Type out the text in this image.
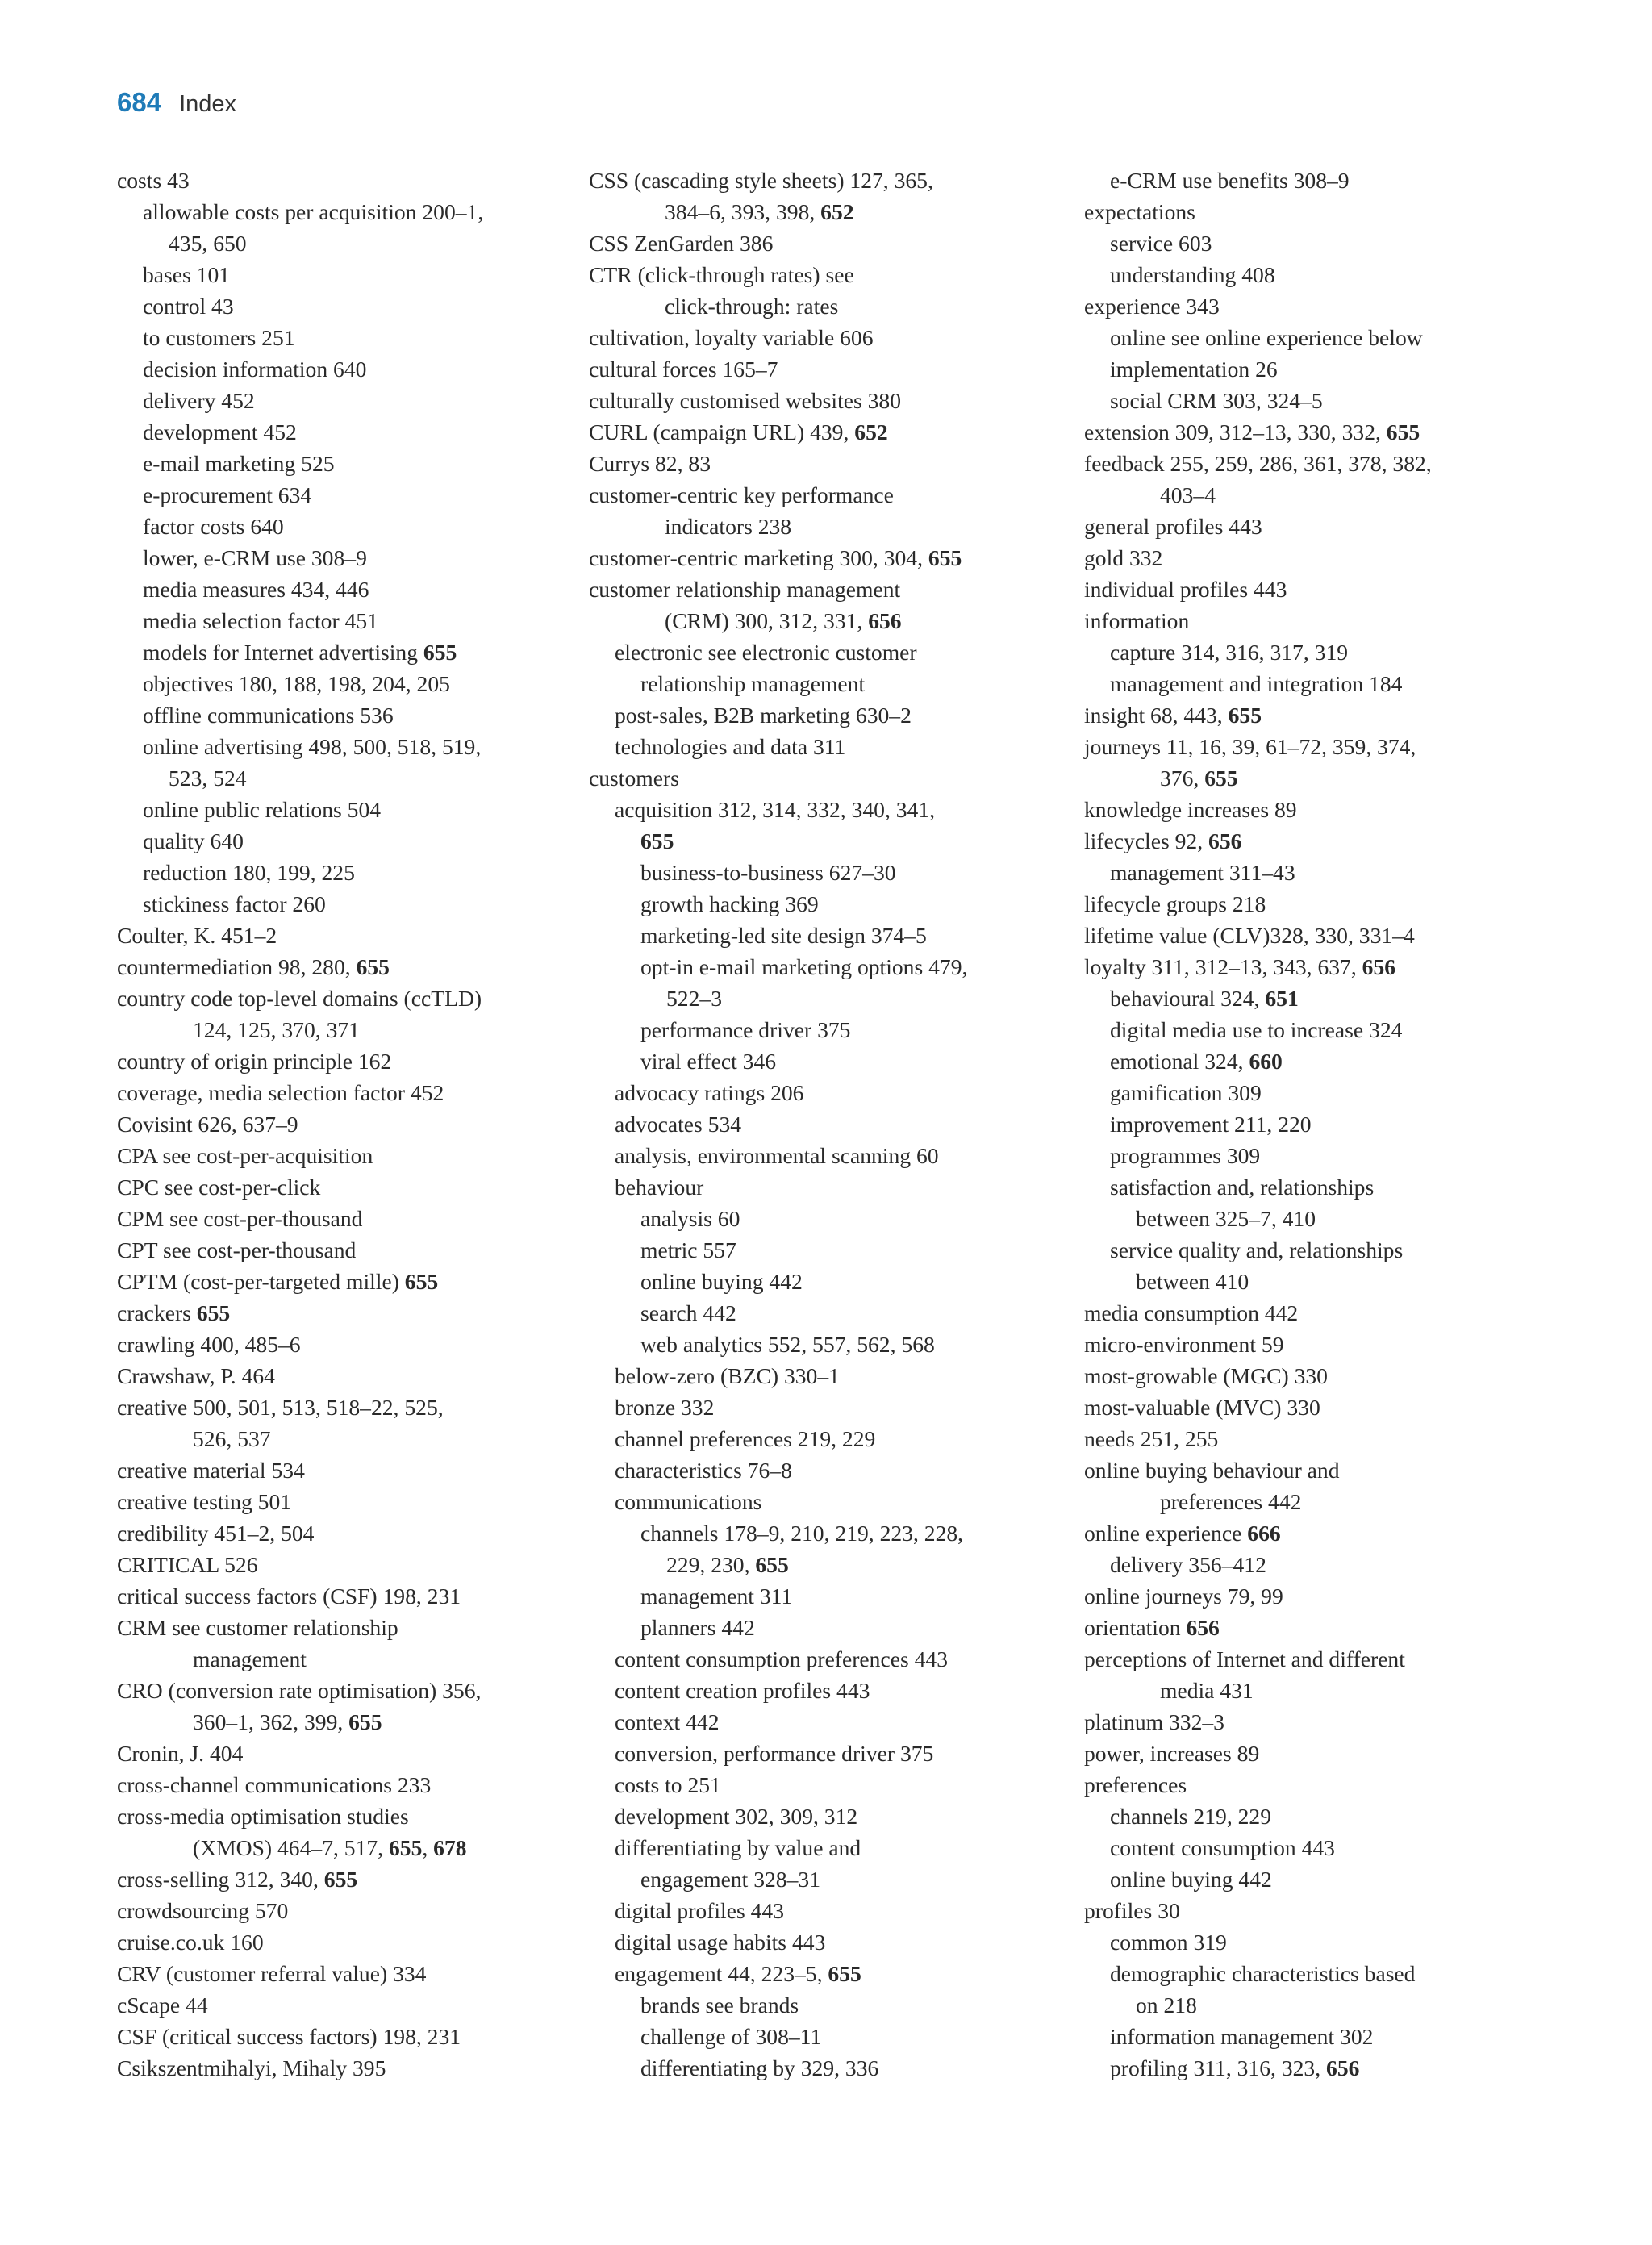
684 Index
costs 43
allowable costs per acquisition 200–1,
435, 650
bases 101
control 43
to customers 251
decision information 640
delivery 452
development 452
e-mail marketing 525
e-procurement 634
factor costs 640
lower, e-CRM use 308–9
media measures 434, 446
media selection factor 451
models for Internet advertising 655
objectives 180, 188, 198, 204, 205
offline communications 536
online advertising 498, 500, 518, 519,
523, 524
online public relations 504
quality 640
reduction 180, 199, 225
stickiness factor 260
Coulter, K. 451–2
countermediation 98, 280, 655
country code top-level domains (ccTLD)
124, 125, 370, 371
country of origin principle 162
coverage, media selection factor 452
Covisint 626, 637–9
CPA see cost-per-acquisition
CPC see cost-per-click
CPM see cost-per-thousand
CPT see cost-per-thousand
CPTM (cost-per-targeted mille) 655
crackers 655
crawling 400, 485–6
Crawshaw, P. 464
creative 500, 501, 513, 518–22, 525,
526, 537
creative material 534
creative testing 501
credibility 451–2, 504
CRITICAL 526
critical success factors (CSF) 198, 231
CRM see customer relationship
management
CRO (conversion rate optimisation) 356,
360–1, 362, 399, 655
Cronin, J. 404
cross-channel communications 233
cross-media optimisation studies
(XMOS) 464–7, 517, 655, 678
cross-selling 312, 340, 655
crowdsourcing 570
cruise.co.uk 160
CRV (customer referral value) 334
cScape 44
CSF (critical success factors) 198, 231
Csikszentmihalyi, Mihaly 395
CSS (cascading style sheets) 127, 365,
384–6, 393, 398, 652
CSS ZenGarden 386
CTR (click-through rates) see
click-through: rates
cultivation, loyalty variable 606
cultural forces 165–7
culturally customised websites 380
CURL (campaign URL) 439, 652
Currys 82, 83
customer-centric key performance
indicators 238
customer-centric marketing 300, 304, 655
customer relationship management
(CRM) 300, 312, 331, 656
electronic see electronic customer
relationship management
post-sales, B2B marketing 630–2
technologies and data 311
customers
acquisition 312, 314, 332, 340, 341,
655
business-to-business 627–30
growth hacking 369
marketing-led site design 374–5
opt-in e-mail marketing options 479,
522–3
performance driver 375
viral effect 346
advocacy ratings 206
advocates 534
analysis, environmental scanning 60
behaviour
analysis 60
metric 557
online buying 442
search 442
web analytics 552, 557, 562, 568
below-zero (BZC) 330–1
bronze 332
channel preferences 219, 229
characteristics 76–8
communications
channels 178–9, 210, 219, 223, 228,
229, 230, 655
management 311
planners 442
content consumption preferences 443
content creation profiles 443
context 442
conversion, performance driver 375
costs to 251
development 302, 309, 312
differentiating by value and
engagement 328–31
digital profiles 443
digital usage habits 443
engagement 44, 223–5, 655
brands see brands
challenge of 308–11
differentiating by 329, 336
e-CRM use benefits 308–9
expectations
service 603
understanding 408
experience 343
online see online experience below
implementation 26
social CRM 303, 324–5
extension 309, 312–13, 330, 332, 655
feedback 255, 259, 286, 361, 378, 382,
403–4
general profiles 443
gold 332
individual profiles 443
information
capture 314, 316, 317, 319
management and integration 184
insight 68, 443, 655
journeys 11, 16, 39, 61–72, 359, 374,
376, 655
knowledge increases 89
lifecycles 92, 656
management 311–43
lifecycle groups 218
lifetime value (CLV)328, 330, 331–4
loyalty 311, 312–13, 343, 637, 656
behavioural 324, 651
digital media use to increase 324
emotional 324, 660
gamification 309
improvement 211, 220
programmes 309
satisfaction and, relationships
between 325–7, 410
service quality and, relationships
between 410
media consumption 442
micro-environment 59
most-growable (MGC) 330
most-valuable (MVC) 330
needs 251, 255
online buying behaviour and
preferences 442
online experience 666
delivery 356–412
online journeys 79, 99
orientation 656
perceptions of Internet and different
media 431
platinum 332–3
power, increases 89
preferences
channels 219, 229
content consumption 443
online buying 442
profiles 30
common 319
demographic characteristics based
on 218
information management 302
profiling 311, 316, 323, 656
